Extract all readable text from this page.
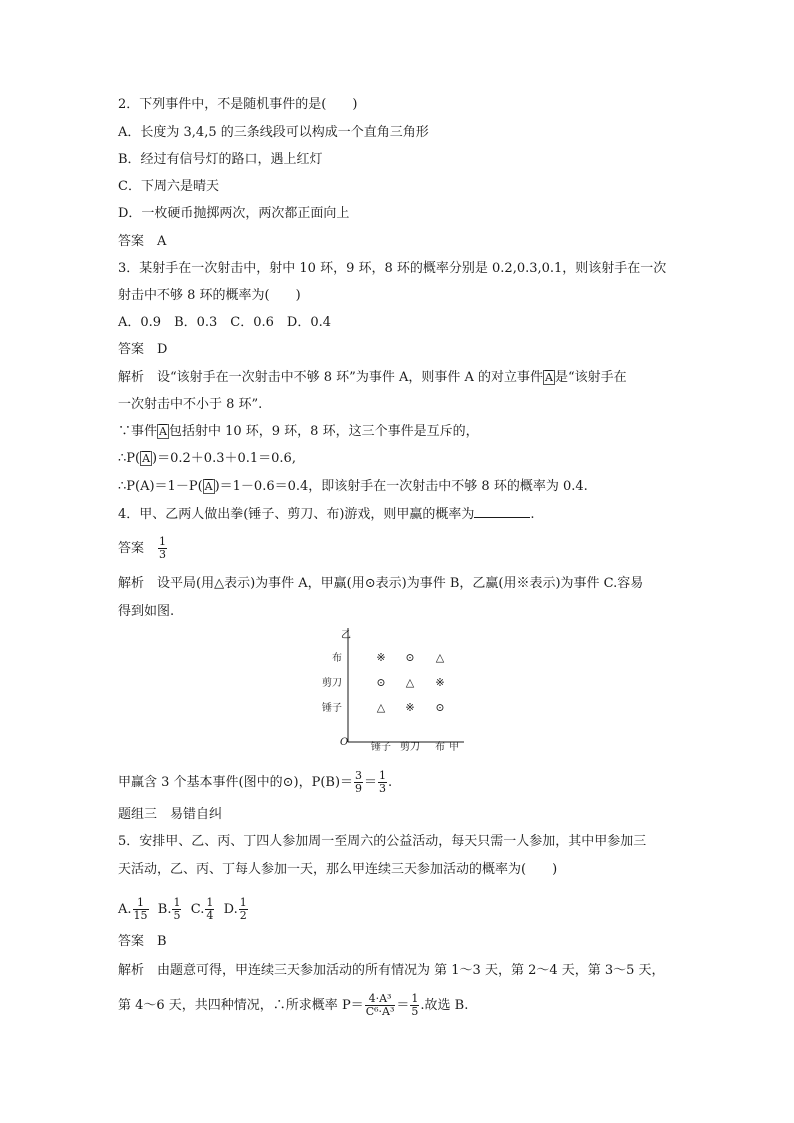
2．下列事件中，不是随机事件的是(　　)
A．长度为 3,4,5 的三条线段可以构成一个直角三角形
B．经过有信号灯的路口，遇上红灯
C．下周六是晴天
D．一枚硬币抛掷两次，两次都正面向上
答案　A
3．某射手在一次射击中，射中 10 环，9 环，8 环的概率分别是 0.2,0.3,0.1，则该射手在一次
射击中不够 8 环的概率为(　　)
A．0.9　B．0.3　C．0.6　D．0.4
答案　D
解析　设“该射手在一次射击中不够 8 环”为事件 A，则事件 A 的对立事件 $\overline{A}$ 是“该射手在
一次射击中不小于 8 环”.
∵事件 $\overline{A}$ 包括射中 10 环，9 环，8 环，这三个事件是互斥的，
∴P( $\overline{A}$ )＝0.2＋0.3＋0.1＝0.6,
∴P(A)＝1－P( $\overline{A}$ )＝1－0.6＝0.4，即该射手在一次射击中不够 8 环的概率为 0.4.
4．甲、乙两人做出拳(锤子、剪刀、布)游戏，则甲赢的概率为	.
答案　 $\frac{1}{3}$
解析　设平局(用△表示)为事件 A，甲赢(用⊙表示)为事件 B，乙赢(用※表示)为事件 C.容易
得到如图.
乙
甲
O
布
剪刀
锤子
锤子 剪刀 布
※ ⊙ △
⊙ △ ※
△ ※ ⊙
甲赢含 3 个基本事件(图中的⊙)，$P(B)= \frac{3}{9} = \frac{1}{3}$ .
题组三　易错自纠
5．安排甲、乙、丙、丁四人参加周一至周六的公益活动，每天只需一人参加，其中甲参加三
天活动，乙、丙、丁每人参加一天，那么甲连续三天参加活动的概率为(　　)
A. $\frac{1}{15} B$. $\frac{1}{5} C$. $\frac{1}{4} D$. $\frac{1}{2}$
答案　B
解析　由题意可得，甲连续三天参加活动的所有情况为 第 1～3 天，第 2～4 天，第 3～5 天，
第 4～6 天，共四种情况，∴所求概率 $P= \frac{\text{4·A³}}{\text{C⁶·A³}} = \frac{1}{5}$ .故选 B.
